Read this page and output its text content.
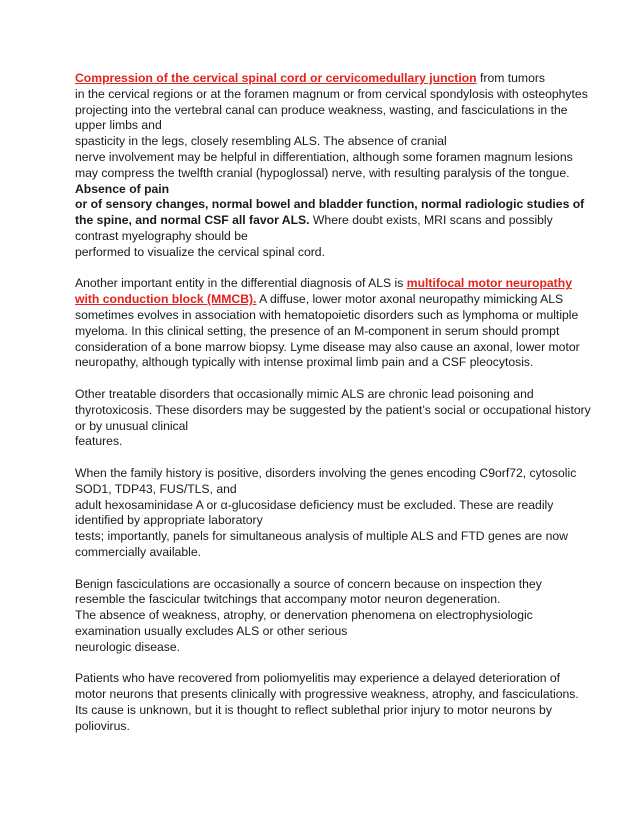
Compression of the cervical spinal cord or cervicomedullary junction from tumors
in the cervical regions or at the foramen magnum or from cervical spondylosis with osteophytes
projecting into the vertebral canal can produce weakness, wasting, and fasciculations in the
upper limbs and
spasticity in the legs, closely resembling ALS. The absence of cranial
nerve involvement may be helpful in differentiation, although some foramen magnum lesions
may compress the twelfth cranial (hypoglossal) nerve, with resulting paralysis of the tongue.
Absence of pain
or of sensory changes, normal bowel and bladder function, normal radiologic studies of
the spine, and normal CSF all favor ALS. Where doubt exists, MRI scans and possibly
contrast myelography should be
performed to visualize the cervical spinal cord.
Another important entity in the differential diagnosis of ALS is multifocal motor neuropathy
with conduction block (MMCB). A diffuse, lower motor axonal neuropathy mimicking ALS
sometimes evolves in association with hematopoietic disorders such as lymphoma or multiple
myeloma. In this clinical setting, the presence of an M-component in serum should prompt
consideration of a bone marrow biopsy. Lyme disease may also cause an axonal, lower motor
neuropathy, although typically with intense proximal limb pain and a CSF pleocytosis.
Other treatable disorders that occasionally mimic ALS are chronic lead poisoning and
thyrotoxicosis. These disorders may be suggested by the patient’s social or occupational history
or by unusual clinical
features.
When the family history is positive, disorders involving the genes encoding C9orf72, cytosolic
SOD1, TDP43, FUS/TLS, and
adult hexosaminidase A or α-glucosidase deficiency must be excluded. These are readily
identified by appropriate laboratory
tests; importantly, panels for simultaneous analysis of multiple ALS and FTD genes are now
commercially available.
Benign fasciculations are occasionally a source of concern because on inspection they
resemble the fascicular twitchings that accompany motor neuron degeneration.
The absence of weakness, atrophy, or denervation phenomena on electrophysiologic
examination usually excludes ALS or other serious
neurologic disease.
Patients who have recovered from poliomyelitis may experience a delayed deterioration of
motor neurons that presents clinically with progressive weakness, atrophy, and fasciculations.
Its cause is unknown, but it is thought to reflect sublethal prior injury to motor neurons by
poliovirus.
